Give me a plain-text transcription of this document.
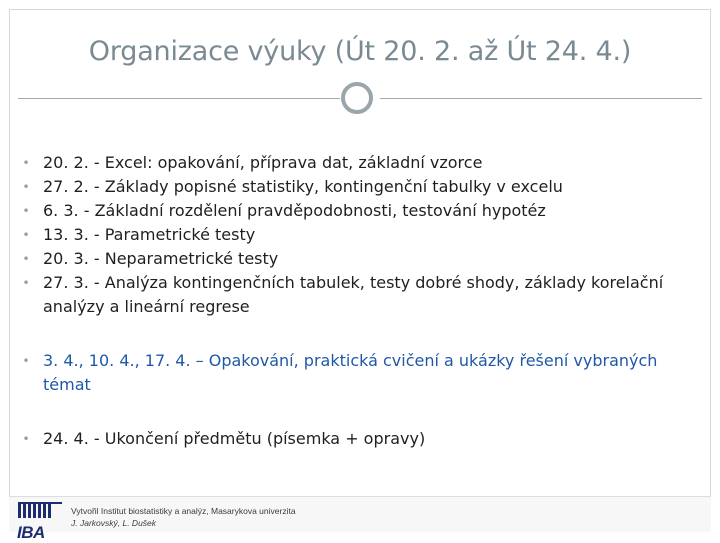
Organizace výuky (Út 20. 2. až Út 24. 4.)
• 20. 2. - Excel: opakování, příprava dat, základní vzorce
• 27. 2. - Základy popisné statistiky, kontingenční tabulky v excelu
• 6. 3. - Základní rozdělení pravděpodobnosti, testování hypotéz
• 13. 3. - Parametrické testy
• 20. 3. - Neparametrické testy
• 27. 3. - Analýza kontingenčních tabulek, testy dobré shody, základy korelační analýzy a lineární regrese
• 3. 4., 10. 4., 17. 4. – Opakování, praktická cvičení a ukázky řešení vybraných témat
• 24. 4. - Ukončení předmětu (písemka + opravy)
IBA
Vytvořil Institut biostatistiky a analýz, Masarykova univerzita
J. Jarkovský, L. Dušek
